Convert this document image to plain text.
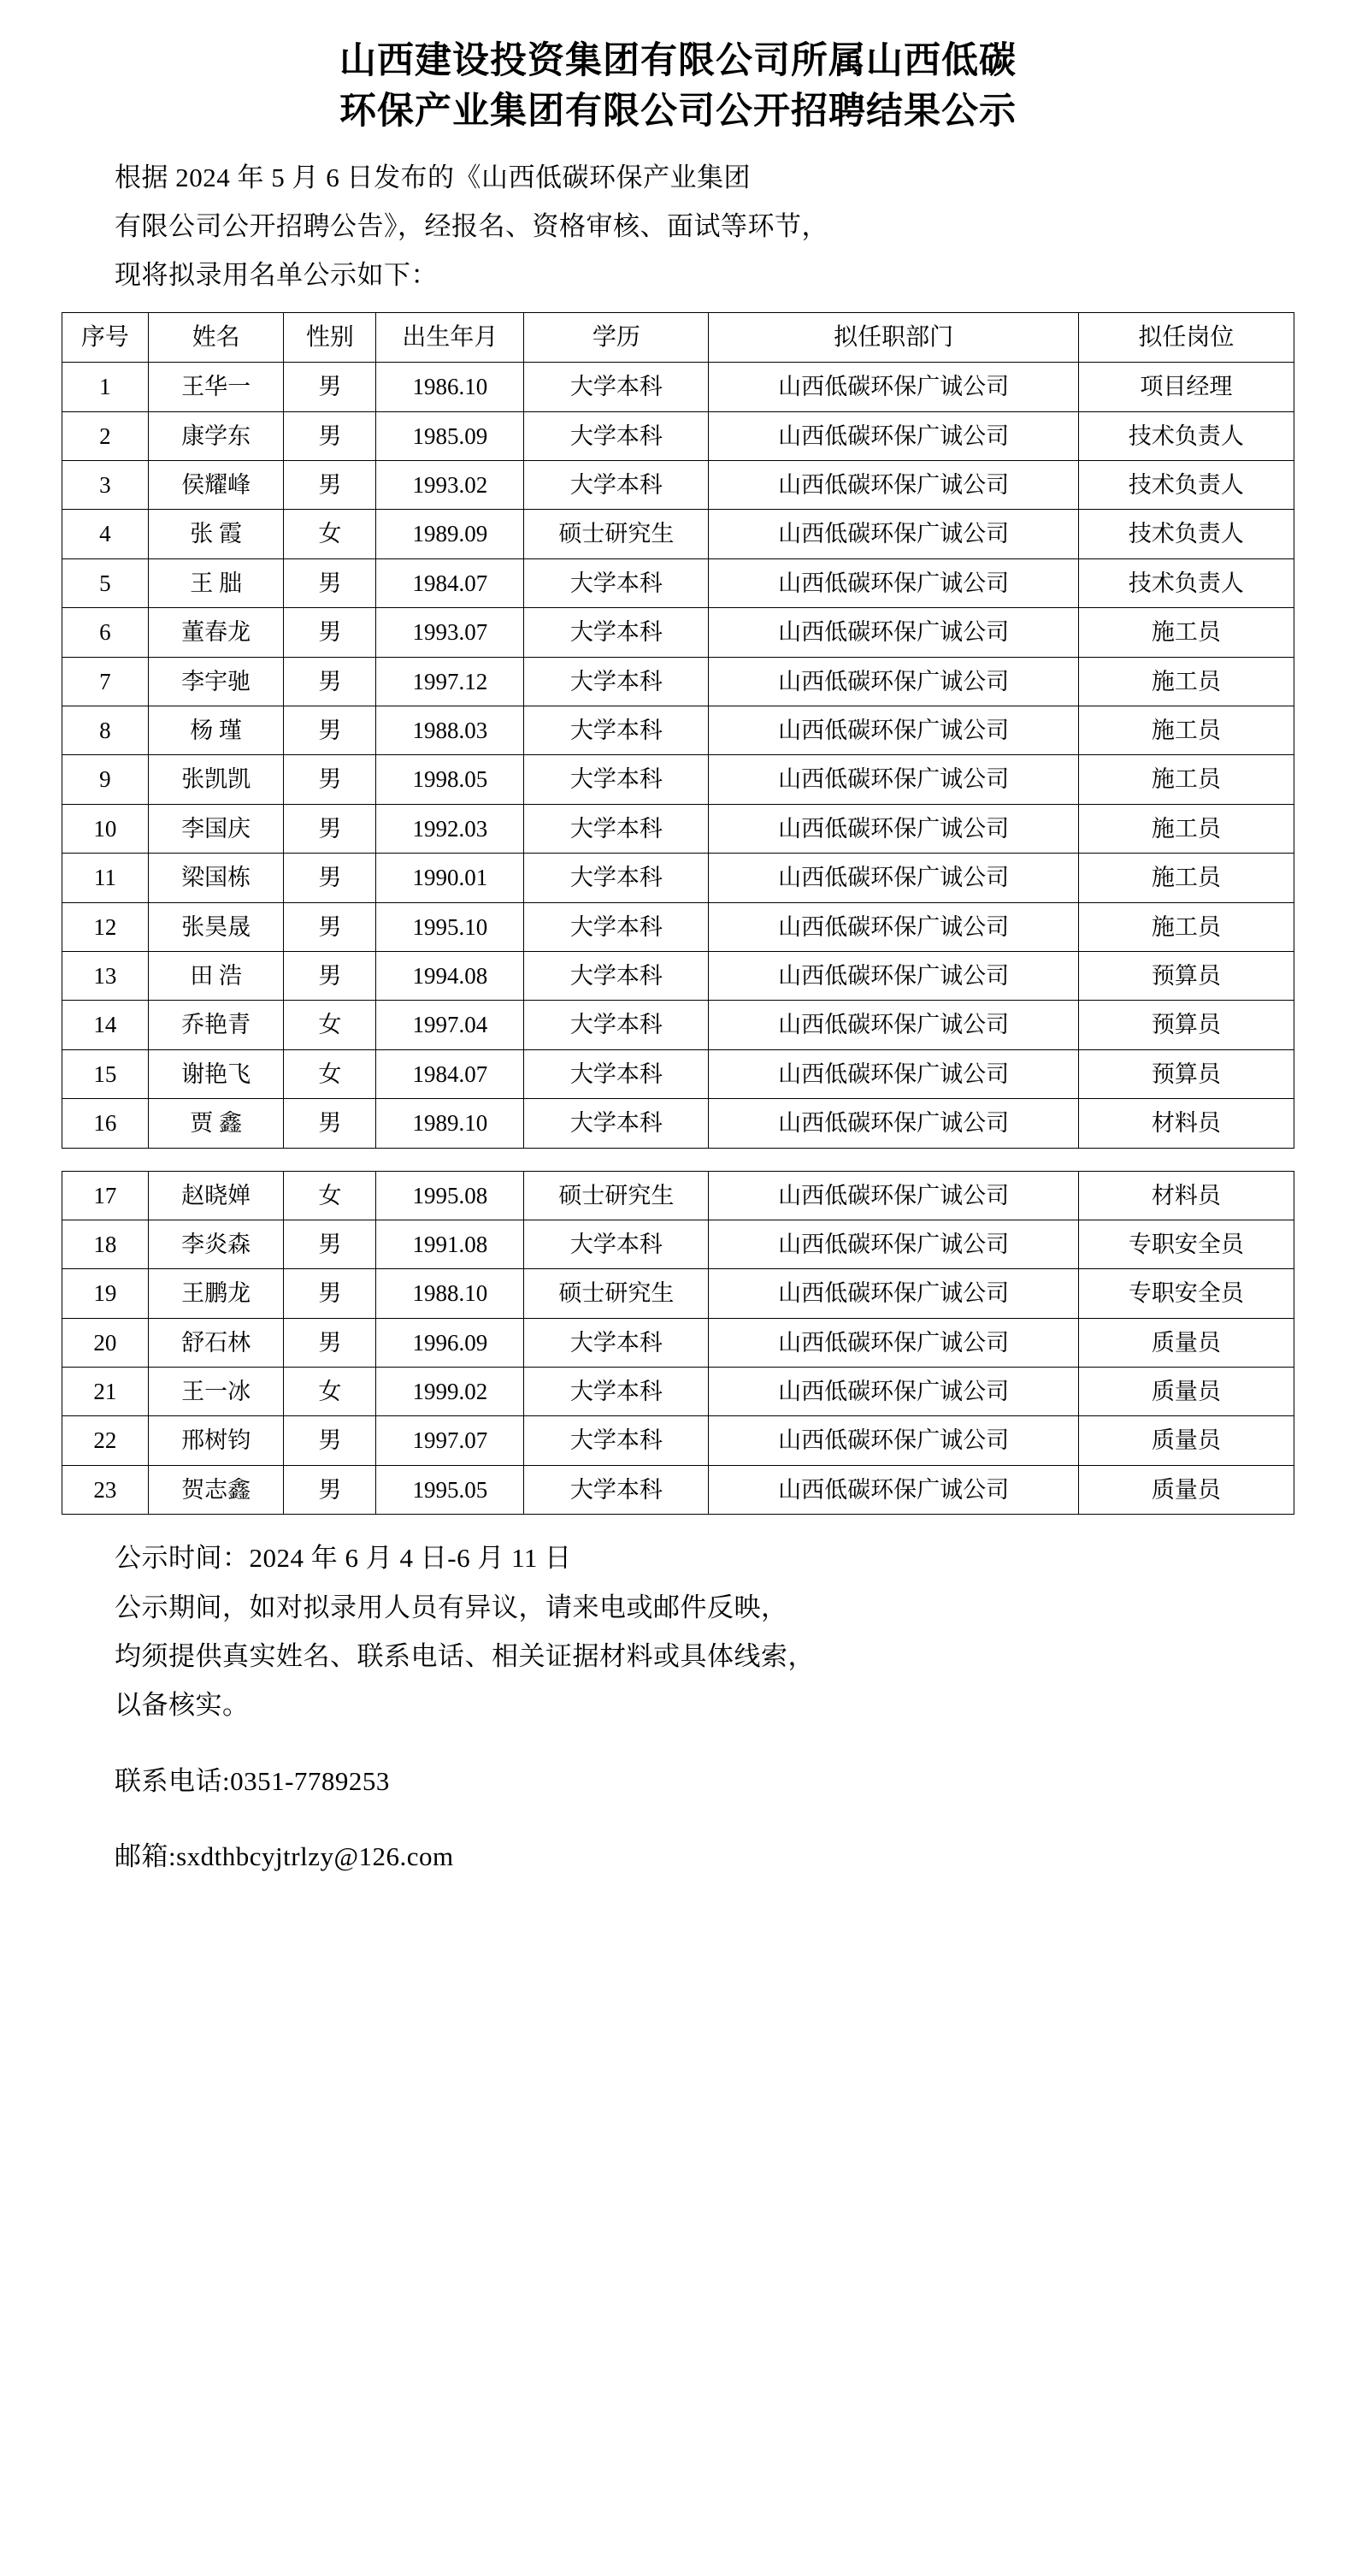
山西建设投资集团有限公司所属山西低碳
环保产业集团有限公司公开招聘结果公示

根据 2024 年 5 月 6 日发布的《山西低碳环保产业集团

有限公司公开招聘公告》，经报名、资格审核、面试等环节，

现将拟录用名单公示如下：

序号	姓名	性别	出生年月	学历	拟任职部门	拟任岗位
1	王华一	男	1986.10	大学本科	山西低碳环保广诚公司	项目经理
2	康学东	男	1985.09	大学本科	山西低碳环保广诚公司	技术负责人
3	侯耀峰	男	1993.02	大学本科	山西低碳环保广诚公司	技术负责人
4	张 霞	女	1989.09	硕士研究生	山西低碳环保广诚公司	技术负责人
5	王 朏	男	1984.07	大学本科	山西低碳环保广诚公司	技术负责人
6	董春龙	男	1993.07	大学本科	山西低碳环保广诚公司	施工员
7	李宇驰	男	1997.12	大学本科	山西低碳环保广诚公司	施工员
8	杨 瑾	男	1988.03	大学本科	山西低碳环保广诚公司	施工员
9	张凯凯	男	1998.05	大学本科	山西低碳环保广诚公司	施工员
10	李国庆	男	1992.03	大学本科	山西低碳环保广诚公司	施工员
11	梁国栋	男	1990.01	大学本科	山西低碳环保广诚公司	施工员
12	张昊晟	男	1995.10	大学本科	山西低碳环保广诚公司	施工员
13	田 浩	男	1994.08	大学本科	山西低碳环保广诚公司	预算员
14	乔艳青	女	1997.04	大学本科	山西低碳环保广诚公司	预算员
15	谢艳飞	女	1984.07	大学本科	山西低碳环保广诚公司	预算员
16	贾 鑫	男	1989.10	大学本科	山西低碳环保广诚公司	材料员
17	赵晓婵	女	1995.08	硕士研究生	山西低碳环保广诚公司	材料员
18	李炎森	男	1991.08	大学本科	山西低碳环保广诚公司	专职安全员
19	王鹏龙	男	1988.10	硕士研究生	山西低碳环保广诚公司	专职安全员
20	舒石林	男	1996.09	大学本科	山西低碳环保广诚公司	质量员
21	王一冰	女	1999.02	大学本科	山西低碳环保广诚公司	质量员
22	邢树钧	男	1997.07	大学本科	山西低碳环保广诚公司	质量员
23	贺志鑫	男	1995.05	大学本科	山西低碳环保广诚公司	质量员

公示时间：2024 年 6 月 4 日-6 月 11 日

公示期间，如对拟录用人员有异议，请来电或邮件反映，

均须提供真实姓名、联系电话、相关证据材料或具体线索，

以备核实。

联系电话:0351-7789253

邮箱:sxdthbcyjtrlzy@126.com
